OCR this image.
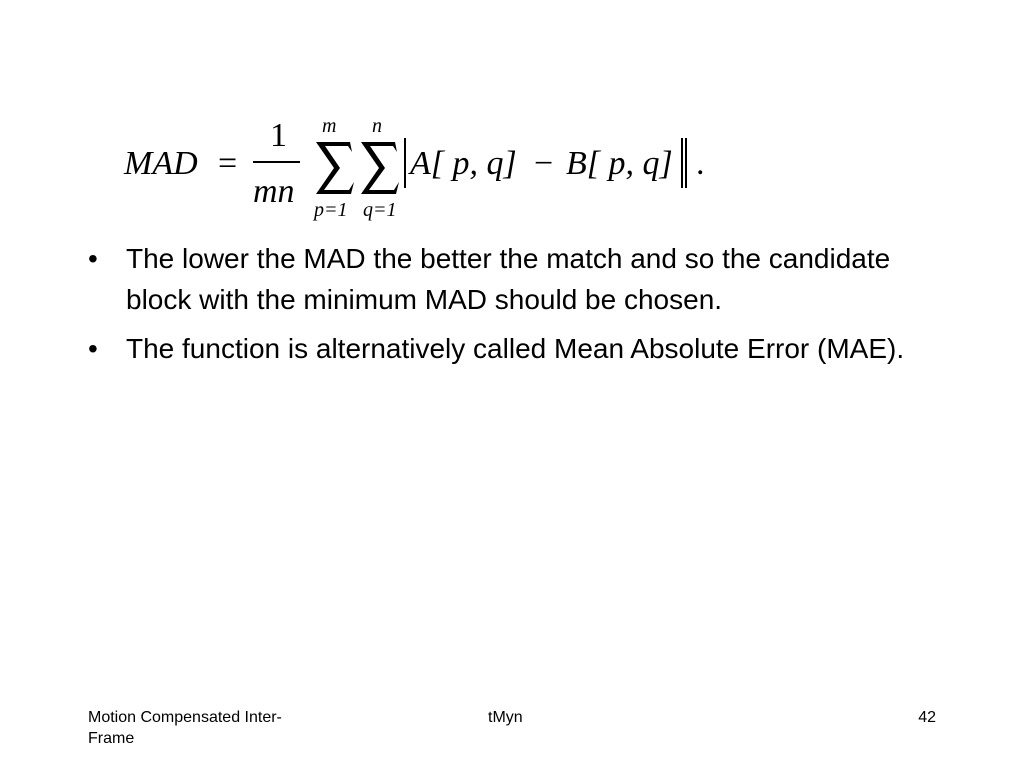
MAD =
1
mn
m
p=1
n
q=1
A[ p, q] − B[ p, q] .
•	The lower the MAD the better the match and so the candidate block with the minimum MAD should be chosen.
•	The function is alternatively called Mean Absolute Error (MAE).
Motion Compensated Inter-Frame
tMyn	42
